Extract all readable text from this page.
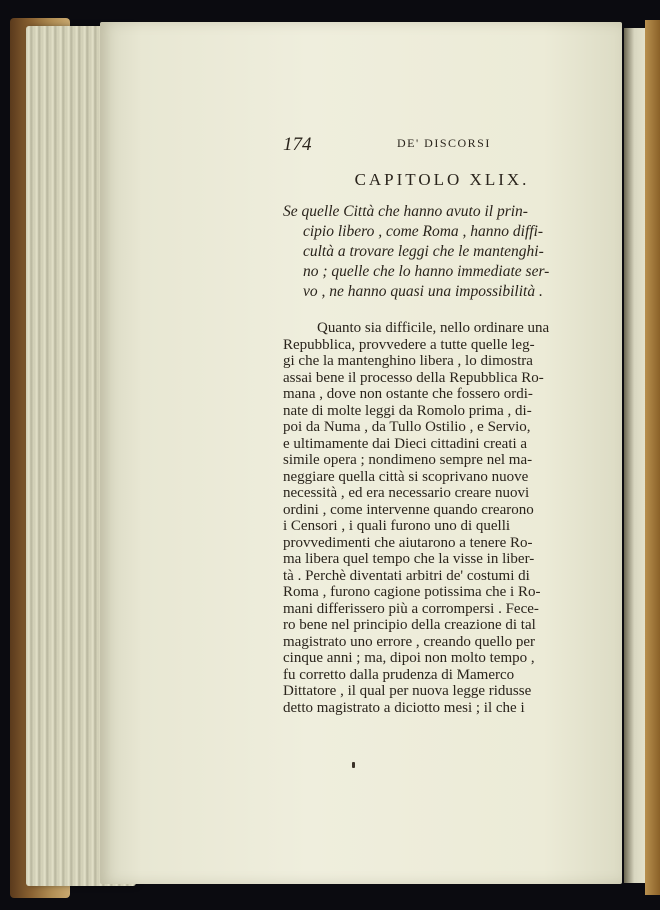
174	DE' DISCORSI
CAPITOLO XLIX.
Se quelle Città che hanno avuto il prin-
cipio libero , come Roma , hanno diffi-
cultà a trovare leggi che le mantenghi-
no ; quelle che lo hanno immediate ser-
vo , ne hanno quasi una impossibilità .
Quanto sia difficile, nello ordinare una
Repubblica, provvedere a tutte quelle leg-
gi che la mantenghino libera , lo dimostra
assai bene il processo della Repubblica Ro-
mana , dove non ostante che fossero ordi-
nate di molte leggi da Romolo prima , di-
poi da Numa , da Tullo Ostilio , e Servio,
e ultimamente dai Dieci cittadini creati a
simile opera ; nondimeno sempre nel ma-
neggiare quella città si scoprivano nuove
necessità , ed era necessario creare nuovi
ordini , come intervenne quando crearono
i Censori , i quali furono uno di quelli
provvedimenti che aiutarono a tenere Ro-
ma libera quel tempo che la visse in liber-
tà . Perchè diventati arbitri de' costumi di
Roma , furono cagione potissima che i Ro-
mani differissero più a corrompersi . Fece-
ro bene nel principio della creazione di tal
magistrato uno errore , creando quello per
cinque anni ; ma, dipoi non molto tempo ,
fu corretto dalla prudenza di Mamerco
Dittatore , il qual per nuova legge ridusse
detto magistrato a diciotto mesi ; il che i
